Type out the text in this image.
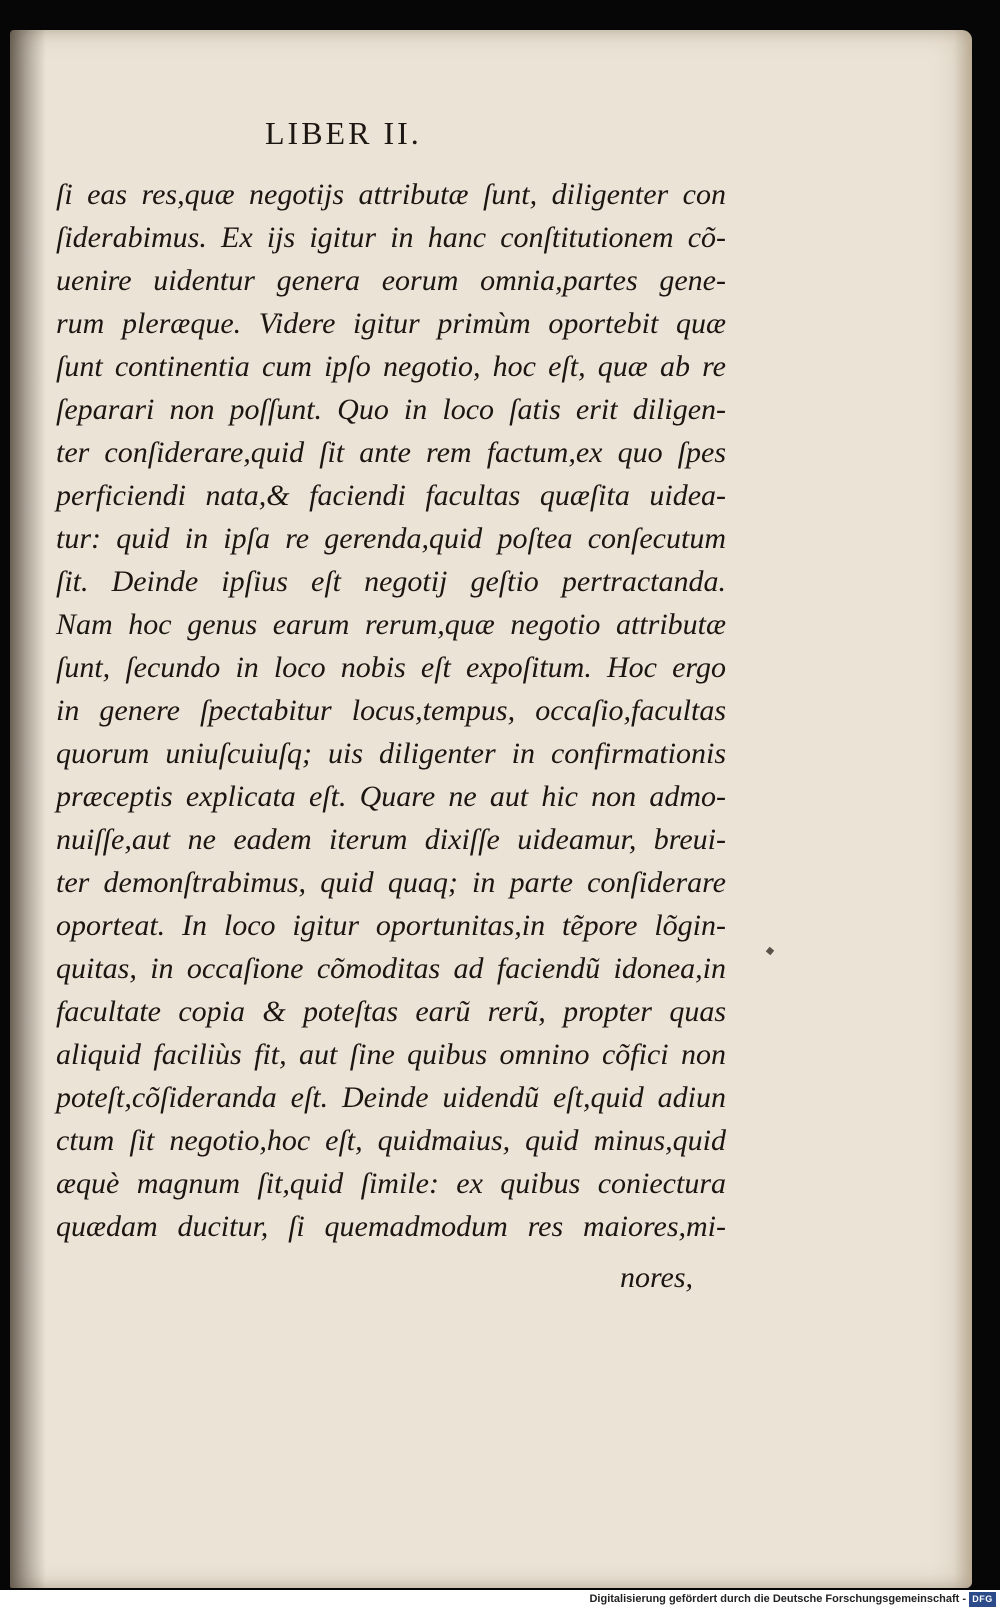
LIBER II.
ſi eas res,quæ negotijs attributæ ſunt, diligenter con
ſiderabimus. Ex ijs igitur in hanc conſtitutionem cõ-
uenire uidentur genera eorum omnia,partes gene-
rum pleræque. Videre igitur primùm oportebit quæ
ſunt continentia cum ipſo negotio, hoc eſt, quæ ab re
ſeparari non poſſunt. Quo in loco ſatis erit diligen-
ter conſiderare,quid ſit ante rem factum,ex quo ſpes
perficiendi nata,& faciendi facultas quæſita uidea-
tur: quid in ipſa re gerenda,quid poſtea conſecutum
ſit. Deinde ipſius eſt negotij geſtio pertractanda.
Nam hoc genus earum rerum,quæ negotio attributæ
ſunt, ſecundo in loco nobis eſt expoſitum. Hoc ergo
in genere ſpectabitur locus,tempus, occaſio,facultas
quorum uniuſcuiuſq; uis diligenter in confirmationis
præceptis explicata eſt. Quare ne aut hic non admo-
nuiſſe,aut ne eadem iterum dixiſſe uideamur, breui-
ter demonſtrabimus, quid quaq; in parte conſiderare
oporteat. In loco igitur oportunitas,in tẽpore lõgin-
quitas, in occaſione cõmoditas ad faciendũ idonea,in
facultate copia & poteſtas earũ rerũ, propter quas
aliquid faciliùs fit, aut ſine quibus omnino cõfici non
poteſt,cõſideranda eſt. Deinde uidendũ eſt,quid adiun
ctum ſit negotio,hoc eſt, quidmaius, quid minus,quid
æquè magnum ſit,quid ſimile: ex quibus coniectura
quædam ducitur, ſi quemadmodum res maiores,mi-
nores,
Digitalisierung gefördert durch die Deutsche Forschungsgemeinschaft - DFG
